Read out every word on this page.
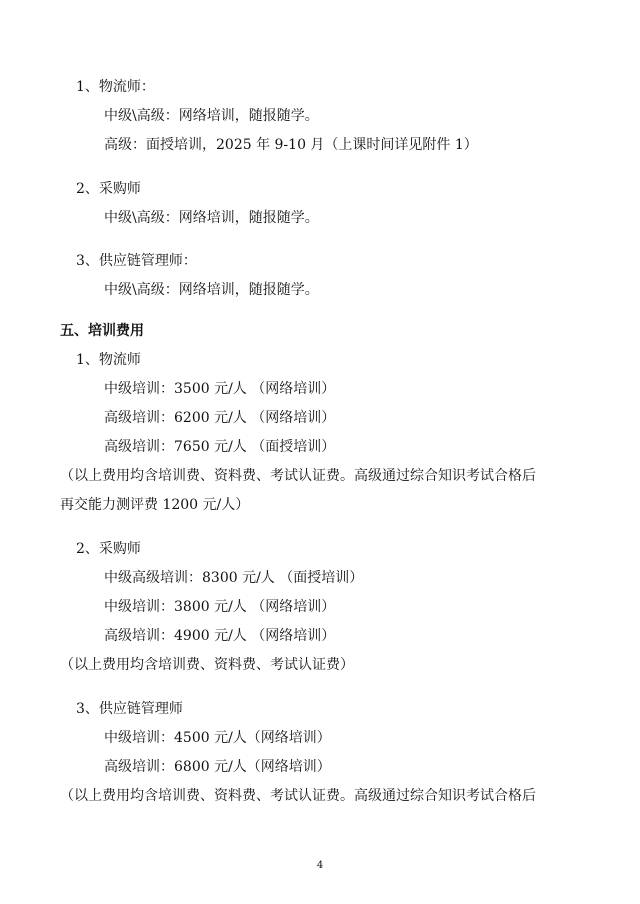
1、物流师：
中级\高级：网络培训，随报随学。
高级：面授培训，2025 年 9-10 月（上课时间详见附件 1）
2、采购师
中级\高级：网络培训，随报随学。
3、供应链管理师：
中级\高级：网络培训，随报随学。
五、培训费用
1、物流师
中级培训：3500 元/人 （网络培训）
高级培训：6200 元/人 （网络培训）
高级培训：7650 元/人 （面授培训）
（以上费用均含培训费、资料费、考试认证费。高级通过综合知识考试合格后
再交能力测评费 1200 元/人）
2、采购师
中级高级培训：8300 元/人 （面授培训）
中级培训：3800 元/人 （网络培训）
高级培训：4900 元/人 （网络培训）
（以上费用均含培训费、资料费、考试认证费）
3、供应链管理师
中级培训：4500 元/人（网络培训）
高级培训：6800 元/人（网络培训）
（以上费用均含培训费、资料费、考试认证费。高级通过综合知识考试合格后
4
